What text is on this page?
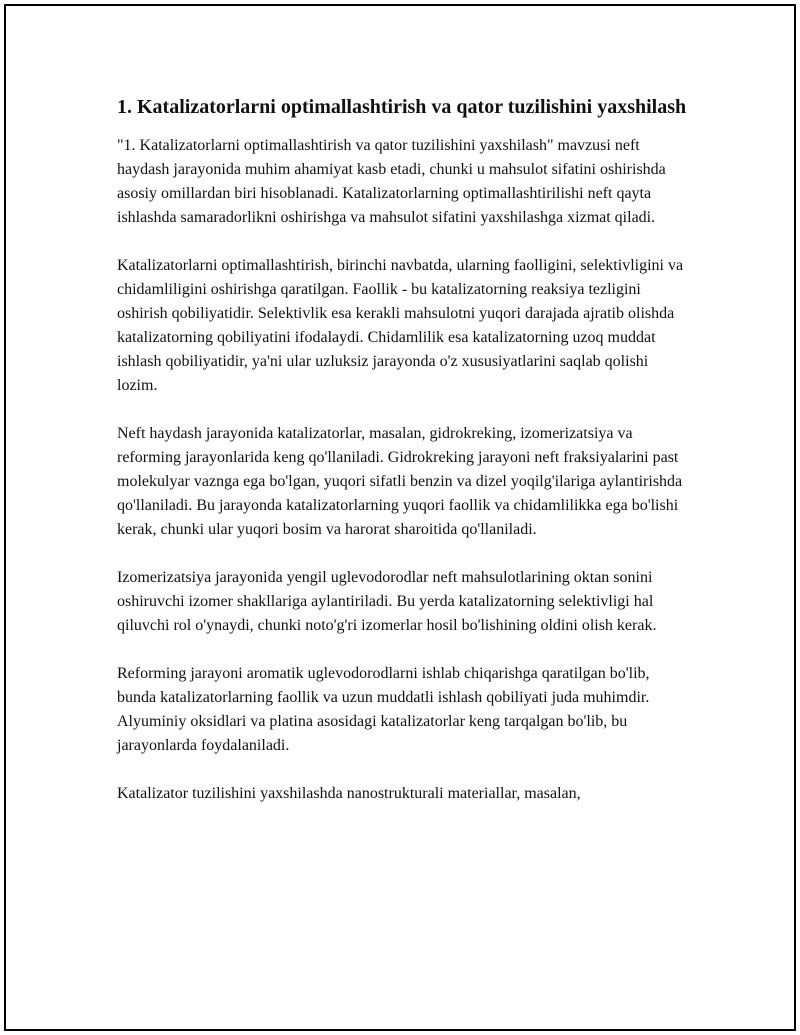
1. Katalizatorlarni optimallashtirish va qator tuzilishini yaxshilash

"1. Katalizatorlarni optimallashtirish va qator tuzilishini yaxshilash" mavzusi neft haydash jarayonida muhim ahamiyat kasb etadi, chunki u mahsulot sifatini oshirishda asosiy omillardan biri hisoblanadi. Katalizatorlarning optimallashtirilishi neft qayta ishlashda samaradorlikni oshirishga va mahsulot sifatini yaxshilashga xizmat qiladi.

Katalizatorlarni optimallashtirish, birinchi navbatda, ularning faolligini, selektivligini va chidamliligini oshirishga qaratilgan. Faollik - bu katalizatorning reaksiya tezligini oshirish qobiliyatidir. Selektivlik esa kerakli mahsulotni yuqori darajada ajratib olishda katalizatorning qobiliyatini ifodalaydi. Chidamlilik esa katalizatorning uzoq muddat ishlash qobiliyatidir, ya'ni ular uzluksiz jarayonda o'z xususiyatlarini saqlab qolishi lozim.

Neft haydash jarayonida katalizatorlar, masalan, gidrokreking, izomerizatsiya va reforming jarayonlarida keng qo'llaniladi. Gidrokreking jarayoni neft fraksiyalarini past molekulyar vaznga ega bo'lgan, yuqori sifatli benzin va dizel yoqilg'ilariga aylantirishda qo'llaniladi. Bu jarayonda katalizatorlarning yuqori faollik va chidamlilikka ega bo'lishi kerak, chunki ular yuqori bosim va harorat sharoitida qo'llaniladi.

Izomerizatsiya jarayonida yengil uglevodorodlar neft mahsulotlarining oktan sonini oshiruvchi izomer shakllariga aylantiriladi. Bu yerda katalizatorning selektivligi hal qiluvchi rol o'ynaydi, chunki noto'g'ri izomerlar hosil bo'lishining oldini olish kerak.

Reforming jarayoni aromatik uglevodorodlarni ishlab chiqarishga qaratilgan bo'lib, bunda katalizatorlarning faollik va uzun muddatli ishlash qobiliyati juda muhimdir. Alyuminiy oksidlari va platina asosidagi katalizatorlar keng tarqalgan bo'lib, bu jarayonlarda foydalaniladi.

Katalizator tuzilishini yaxshilashda nanostrukturali materiallar, masalan,
